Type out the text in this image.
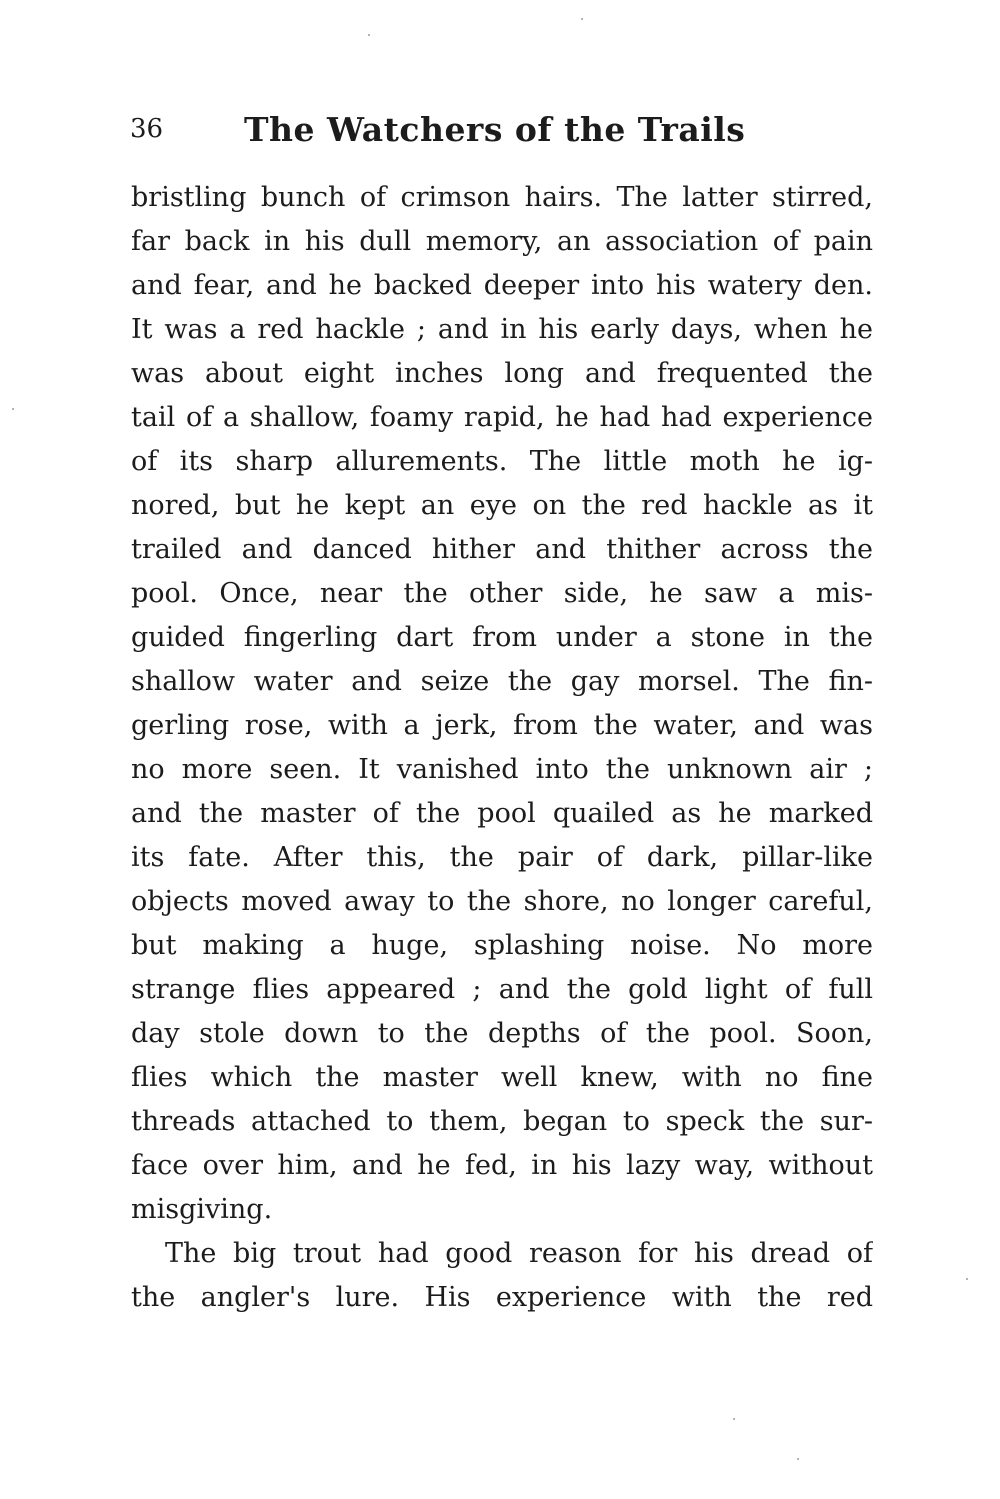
36 The Watchers of the Trails
bristling bunch of crimson hairs. The latter stirred,
far back in his dull memory, an association of pain
and fear, and he backed deeper into his watery den.
It was a red hackle ; and in his early days, when he
was about eight inches long and frequented the
tail of a shallow, foamy rapid, he had had experience
of its sharp allurements. The little moth he ig-
nored, but he kept an eye on the red hackle as it
trailed and danced hither and thither across the
pool. Once, near the other side, he saw a mis-
guided fingerling dart from under a stone in the
shallow water and seize the gay morsel. The fin-
gerling rose, with a jerk, from the water, and was
no more seen. It vanished into the unknown air ;
and the master of the pool quailed as he marked
its fate. After this, the pair of dark, pillar-like
objects moved away to the shore, no longer careful,
but making a huge, splashing noise. No more
strange flies appeared ; and the gold light of full
day stole down to the depths of the pool. Soon,
flies which the master well knew, with no fine
threads attached to them, began to speck the sur-
face over him, and he fed, in his lazy way, without
misgiving.
The big trout had good reason for his dread of
the angler's lure. His experience with the red
